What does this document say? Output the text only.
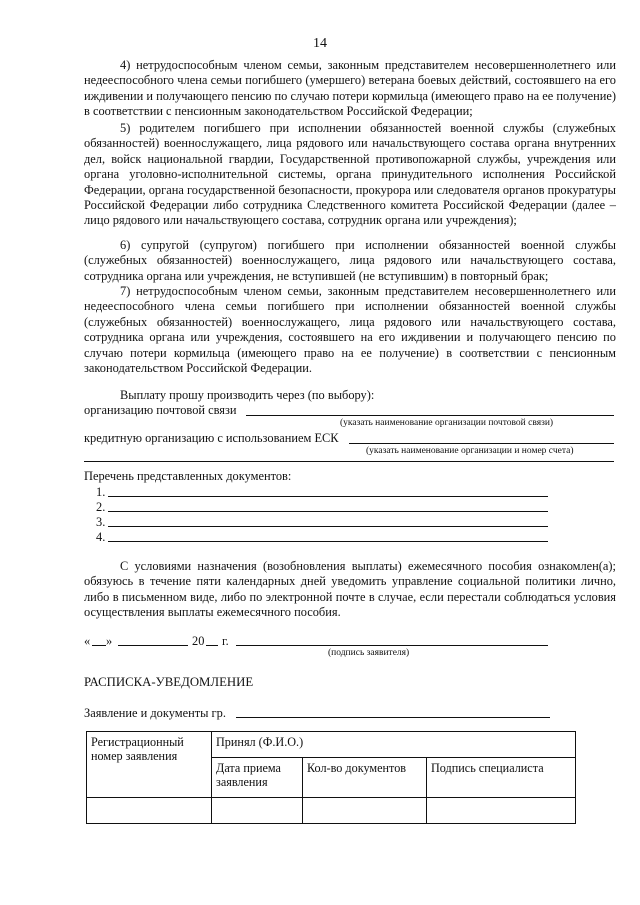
14

4) нетрудоспособным членом семьи, законным представителем несовершеннолетнего или недееспособного члена семьи погибшего (умершего) ветерана боевых действий, состоявшего на его иждивении и получающего пенсию по случаю потери кормильца (имеющего право на ее получение) в соответствии с пенсионным законодательством Российской Федерации;

5) родителем погибшего при исполнении обязанностей военной службы (служебных обязанностей) военнослужащего, лица рядового или начальствующего состава органа внутренних дел, войск национальной гвардии, Государственной противопожарной службы, учреждения или органа уголовно-исполнительной системы, органа принудительного исполнения Российской Федерации, органа государственной безопасности, прокурора или следователя органов прокуратуры Российской Федерации либо сотрудника Следственного комитета Российской Федерации (далее – лицо рядового или начальствующего состава, сотрудник органа или учреждения);

6) супругой (супругом) погибшего при исполнении обязанностей военной службы (служебных обязанностей) военнослужащего, лица рядового или начальствующего состава, сотрудника органа или учреждения, не вступившей (не вступившим) в повторный брак;

7) нетрудоспособным членом семьи, законным представителем несовершеннолетнего или недееспособного члена семьи погибшего при исполнении обязанностей военной службы (служебных обязанностей) военнослужащего, лица рядового или начальствующего состава, сотрудника органа или учреждения, состоявшего на его иждивении и получающего пенсию по случаю потери кормильца (имеющего право на ее получение) в соответствии с пенсионным законодательством Российской Федерации.

Выплату прошу производить через (по выбору):
организацию почтовой связи
(указать наименование организации почтовой связи)
кредитную организацию с использованием ЕСК
(указать наименование организации и номер счета)
Перечень представленных документов:
1.
2.
3.
4.

С условиями назначения (возобновления выплаты) ежемесячного пособия ознакомлен(а); обязуюсь в течение пяти календарных дней уведомить управление социальной политики лично, либо в письменном виде, либо по электронной почте в случае, если перестали соблюдаться условия осуществления выплаты ежемесячного пособия.

« »	20 г.
(подпись заявителя)
РАСПИСКА-УВЕДОМЛЕНИЕ
Заявление и документы гр.
Регистрационный номер заявления	Принял (Ф.И.О.)		
	Дата приема заявления	Кол-во документов	Подпись специалиста
